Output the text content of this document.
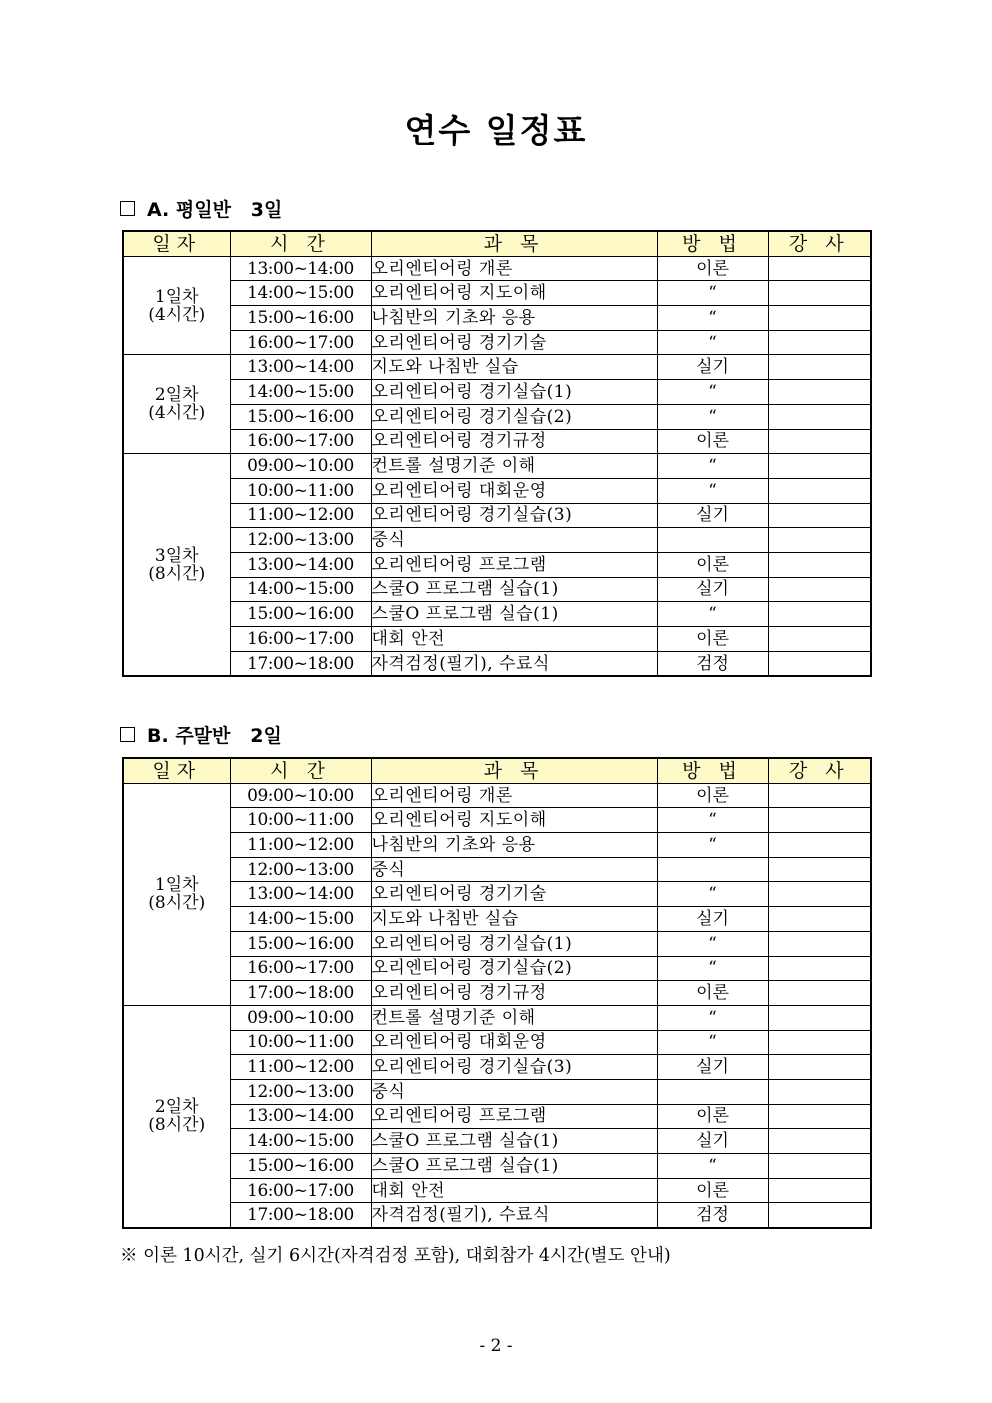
연수 일정표
A. 평일반   3일
일자	시 간	과 목	방 법	강 사

1일차
(4시간)	13:00~14:00	오리엔티어링 개론	이론	
	14:00~15:00	오리엔티어링 지도이해	“	
	15:00~16:00	나침반의 기초와 응용	“	
	16:00~17:00	오리엔티어링 경기기술	“	

2일차
(4시간)	13:00~14:00	지도와 나침반 실습	실기	
	14:00~15:00	오리엔티어링 경기실습(1)	“	
	15:00~16:00	오리엔티어링 경기실습(2)	“	
	16:00~17:00	오리엔티어링 경기규정	이론	

3일차
(8시간)	09:00~10:00	컨트롤 설명기준 이해	“	
	10:00~11:00	오리엔티어링 대회운영	“	
	11:00~12:00	오리엔티어링 경기실습(3)	실기	
	12:00~13:00	중식		
	13:00~14:00	오리엔티어링 프로그램	이론	
	14:00~15:00	스쿨O 프로그램 실습(1)	실기	
	15:00~16:00	스쿨O 프로그램 실습(1)	“	
	16:00~17:00	대회 안전	이론	
	17:00~18:00	자격검정(필기), 수료식	검정	
B. 주말반   2일
일자	시 간	과 목	방 법	강 사

1일차
(8시간)	09:00~10:00	오리엔티어링 개론	이론	
	10:00~11:00	오리엔티어링 지도이해	“	
	11:00~12:00	나침반의 기초와 응용	“	
	12:00~13:00	중식		
	13:00~14:00	오리엔티어링 경기기술	“	
	14:00~15:00	지도와 나침반 실습	실기	
	15:00~16:00	오리엔티어링 경기실습(1)	“	
	16:00~17:00	오리엔티어링 경기실습(2)	“	
	17:00~18:00	오리엔티어링 경기규정	이론	

2일차
(8시간)	09:00~10:00	컨트롤 설명기준 이해	“	
	10:00~11:00	오리엔티어링 대회운영	“	
	11:00~12:00	오리엔티어링 경기실습(3)	실기	
	12:00~13:00	중식		
	13:00~14:00	오리엔티어링 프로그램	이론	
	14:00~15:00	스쿨O 프로그램 실습(1)	실기	
	15:00~16:00	스쿨O 프로그램 실습(1)	“	
	16:00~17:00	대회 안전	이론	
	17:00~18:00	자격검정(필기), 수료식	검정	
※ 이론 10시간, 실기 6시간(자격검정 포함), 대회참가 4시간(별도 안내)
- 2 -
